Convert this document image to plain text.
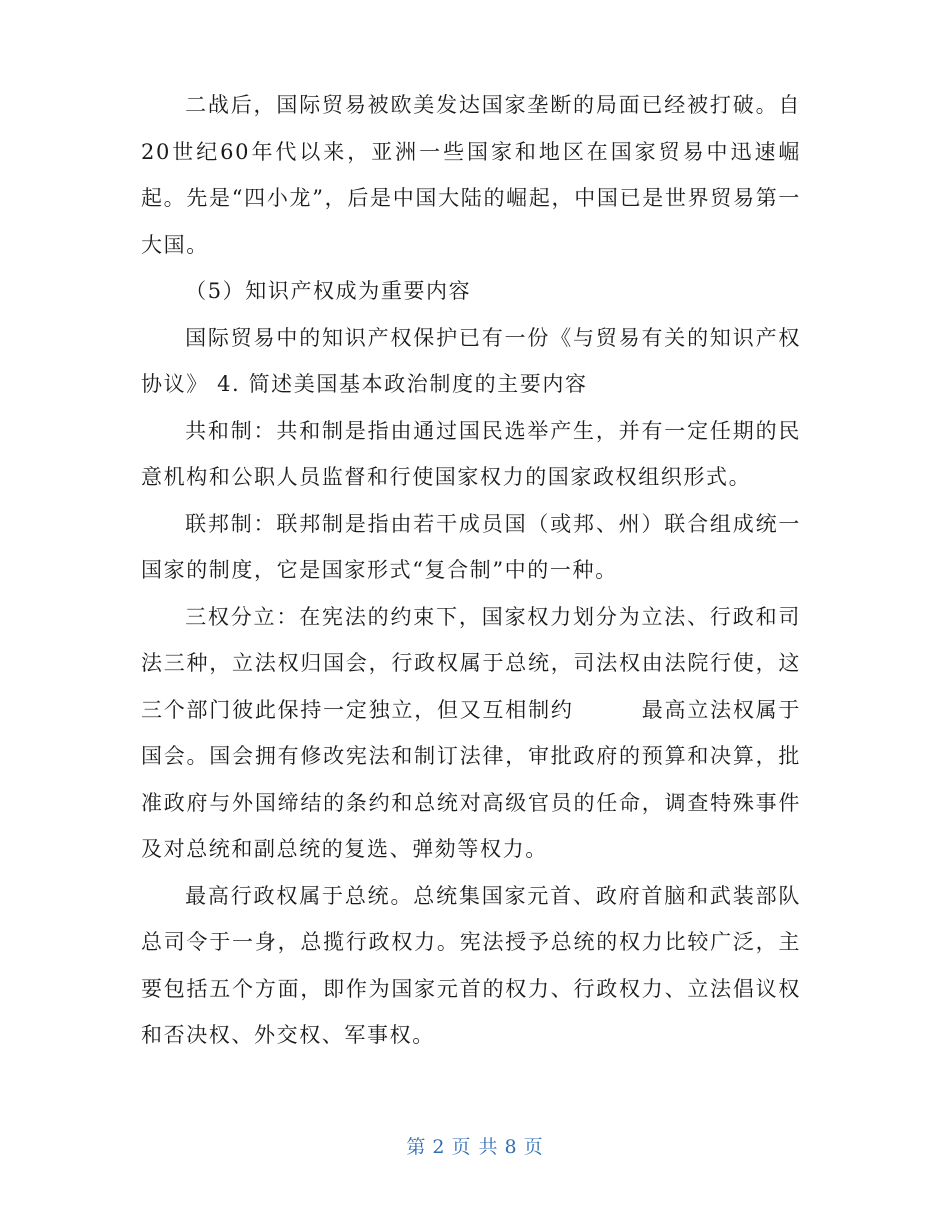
二战后，国际贸易被欧美发达国家垄断的局面已经被打破。自20世纪60年代以来，亚洲一些国家和地区在国家贸易中迅速崛起。先是“四小龙”，后是中国大陆的崛起，中国已是世界贸易第一大国。

（5）知识产权成为重要内容

国际贸易中的知识产权保护已有一份《与贸易有关的知识产权协议》 4. 简述美国基本政治制度的主要内容

共和制：共和制是指由通过国民选举产生，并有一定任期的民意机构和公职人员监督和行使国家权力的国家政权组织形式。

联邦制：联邦制是指由若干成员国（或邦、州）联合组成统一国家的制度，它是国家形式“复合制”中的一种。

三权分立：在宪法的约束下，国家权力划分为立法、行政和司法三种，立法权归国会，行政权属于总统，司法权由法院行使，这三个部门彼此保持一定独立，但又互相制约	最高立法权属于国会。国会拥有修改宪法和制订法律，审批政府的预算和决算，批准政府与外国缔结的条约和总统对高级官员的任命，调查特殊事件及对总统和副总统的复选、弹劾等权力。

最高行政权属于总统。总统集国家元首、政府首脑和武装部队总司令于一身，总揽行政权力。宪法授予总统的权力比较广泛，主要包括五个方面，即作为国家元首的权力、行政权力、立法倡议权和否决权、外交权、军事权。

第 2 页 共 8 页
